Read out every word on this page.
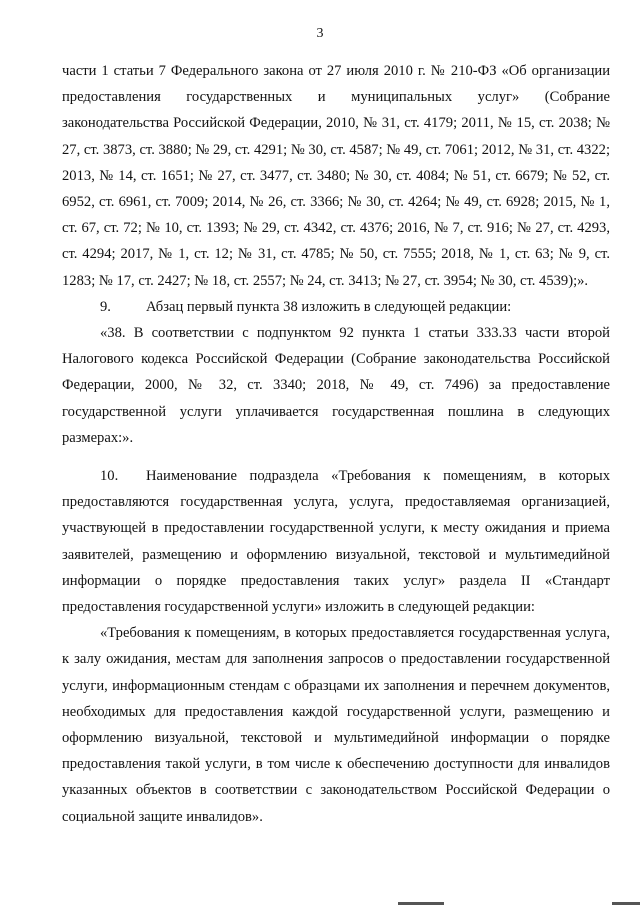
3

части 1 статьи 7 Федерального закона от 27 июля 2010 г. № 210-ФЗ «Об организации предоставления государственных и муниципальных услуг» (Собрание законодательства Российской Федерации, 2010, № 31, ст. 4179; 2011, № 15, ст. 2038; № 27, ст. 3873, ст. 3880; № 29, ст. 4291; № 30, ст. 4587; № 49, ст. 7061; 2012, № 31, ст. 4322; 2013, № 14, ст. 1651; № 27, ст. 3477, ст. 3480; № 30, ст. 4084; № 51, ст. 6679; № 52, ст. 6952, ст. 6961, ст. 7009; 2014, № 26, ст. 3366; № 30, ст. 4264; № 49, ст. 6928; 2015, № 1, ст. 67, ст. 72; № 10, ст. 1393; № 29, ст. 4342, ст. 4376; 2016, № 7, ст. 916; № 27, ст. 4293, ст. 4294; 2017, № 1, ст. 12; № 31, ст. 4785; № 50, ст. 7555; 2018, № 1, ст. 63; № 9, ст. 1283; № 17, ст. 2427; № 18, ст. 2557; № 24, ст. 3413; № 27, ст. 3954; № 30, ст. 4539);».

9. Абзац первый пункта 38 изложить в следующей редакции:

«38. В соответствии с подпунктом 92 пункта 1 статьи 333.33 части второй Налогового кодекса Российской Федерации (Собрание законодательства Российской Федерации, 2000, № 32, ст. 3340; 2018, № 49, ст. 7496) за предоставление государственной услуги уплачивается государственная пошлина в следующих размерах:».

10. Наименование подраздела «Требования к помещениям, в которых предоставляются государственная услуга, услуга, предоставляемая организацией, участвующей в предоставлении государственной услуги, к месту ожидания и приема заявителей, размещению и оформлению визуальной, текстовой и мультимедийной информации о порядке предоставления таких услуг» раздела II «Стандарт предоставления государственной услуги» изложить в следующей редакции:

«Требования к помещениям, в которых предоставляется государственная услуга, к залу ожидания, местам для заполнения запросов о предоставлении государственной услуги, информационным стендам с образцами их заполнения и перечнем документов, необходимых для предоставления каждой государственной услуги, размещению и оформлению визуальной, текстовой и мультимедийной информации о порядке предоставления такой услуги, в том числе к обеспечению доступности для инвалидов указанных объектов в соответствии с законодательством Российской Федерации о социальной защите инвалидов».
